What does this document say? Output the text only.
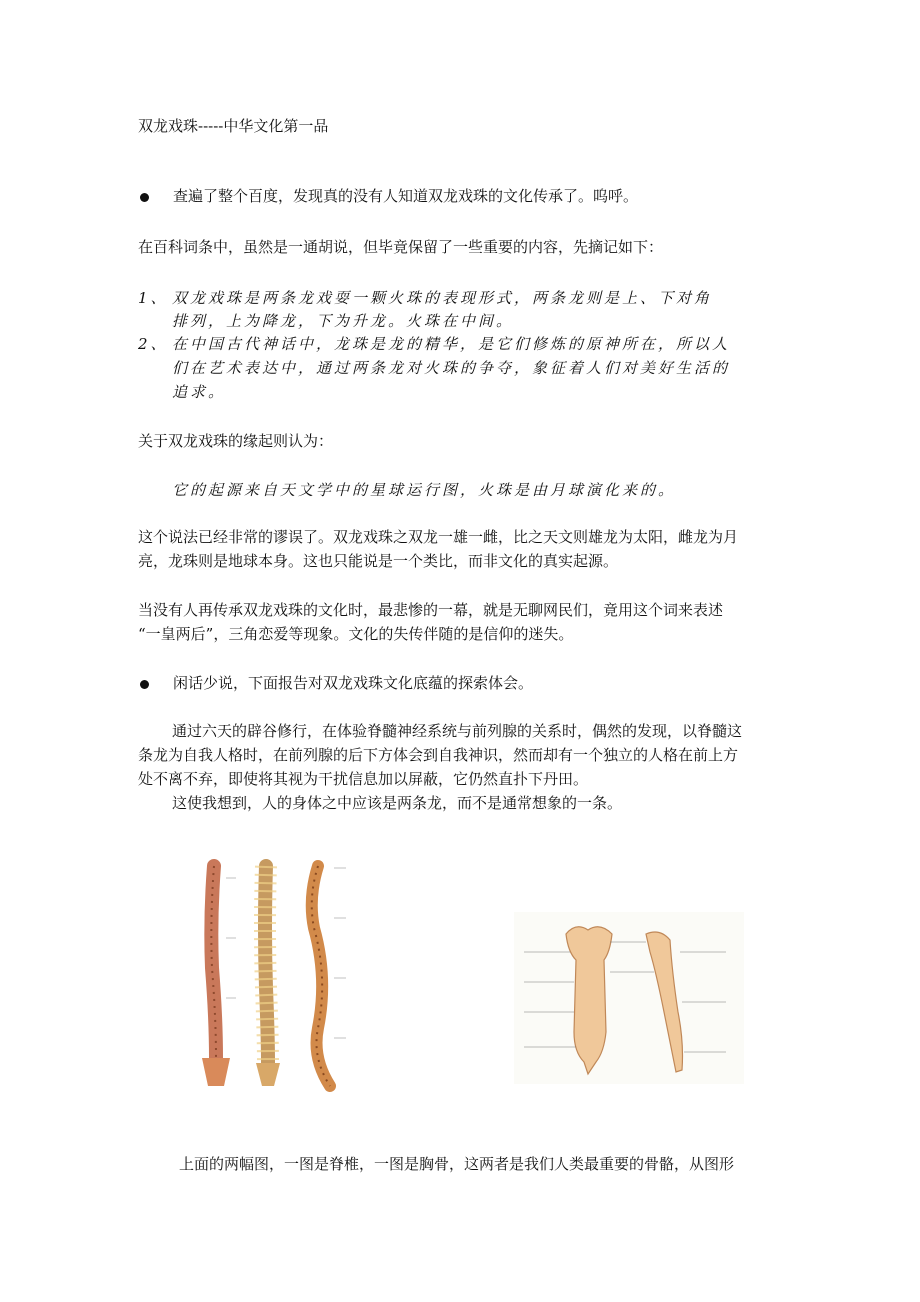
双龙戏珠-----中华文化第一品
查遍了整个百度，发现真的没有人知道双龙戏珠的文化传承了。呜呼。
在百科词条中，虽然是一通胡说，但毕竟保留了一些重要的内容，先摘记如下：
1、 双龙戏珠是两条龙戏耍一颗火珠的表现形式，两条龙则是上、下对角
排列，上为降龙，下为升龙。火珠在中间。
2、 在中国古代神话中，龙珠是龙的精华，是它们修炼的原神所在，所以人
们在艺术表达中，通过两条龙对火珠的争夺，象征着人们对美好生活的
追求。
关于双龙戏珠的缘起则认为：
它的起源来自天文学中的星球运行图，火珠是由月球演化来的。
这个说法已经非常的谬误了。双龙戏珠之双龙一雄一雌，比之天文则雄龙为太阳，雌龙为月
亮，龙珠则是地球本身。这也只能说是一个类比，而非文化的真实起源。
当没有人再传承双龙戏珠的文化时，最悲惨的一幕，就是无聊网民们，竟用这个词来表述
“一皇两后”，三角恋爱等现象。文化的失传伴随的是信仰的迷失。
闲话少说，下面报告对双龙戏珠文化底蕴的探索体会。
通过六天的辟谷修行，在体验脊髓神经系统与前列腺的关系时，偶然的发现，以脊髓这
条龙为自我人格时，在前列腺的后下方体会到自我神识，然而却有一个独立的人格在前上方
处不离不弃，即使将其视为干扰信息加以屏蔽，它仍然直扑下丹田。
这使我想到，人的身体之中应该是两条龙，而不是通常想象的一条。
上面的两幅图，一图是脊椎，一图是胸骨，这两者是我们人类最重要的骨骼，从图形
